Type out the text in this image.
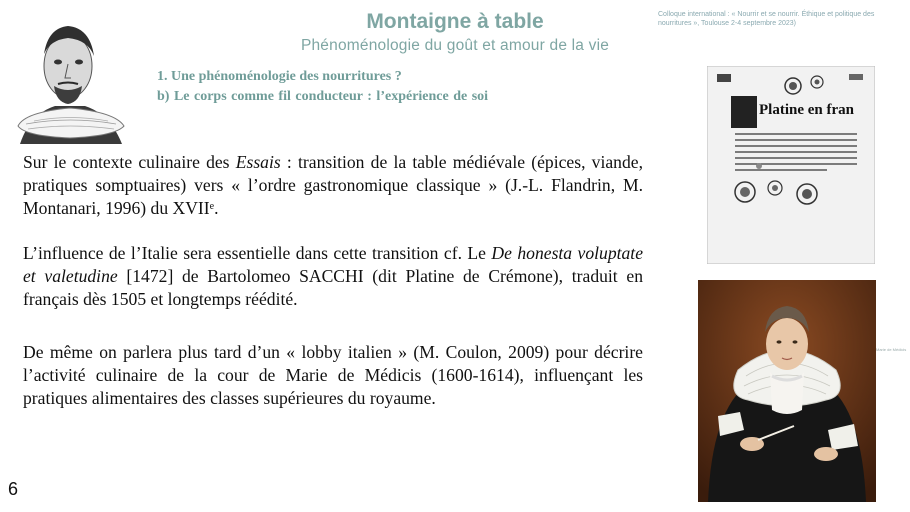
Montaigne à table
Phénoménologie du goût et amour de la vie
Colloque international : « Nourrir et se nourrir. Éthique et politique des nourritures », Toulouse 2-4 septembre 2023)
1. Une phénoménologie des nourritures ?
b) Le corps comme fil conducteur : l’expérience de soi
Sur le contexte culinaire des Essais : transition de la table médiévale (épices, viande, pratiques somptuaires) vers « l’ordre gastronomique classique » (J.-L. Flandrin, M. Montanari, 1996) du XVIIe.
L’influence de l’Italie sera essentielle dans cette transition cf. Le De honesta voluptate et valetudine [1472] de Bartolomeo SACCHI (dit Platine de Crémone), traduit en français dès 1505 et longtemps réédité.
De même on parlera plus tard d’un « lobby italien » (M. Coulon, 2009) pour décrire l’activité culinaire de la cour de Marie de Médicis (1600-1614), influençant les pratiques alimentaires des classes supérieures du royaume.
6
Platine en fran
Marie de Médicis
